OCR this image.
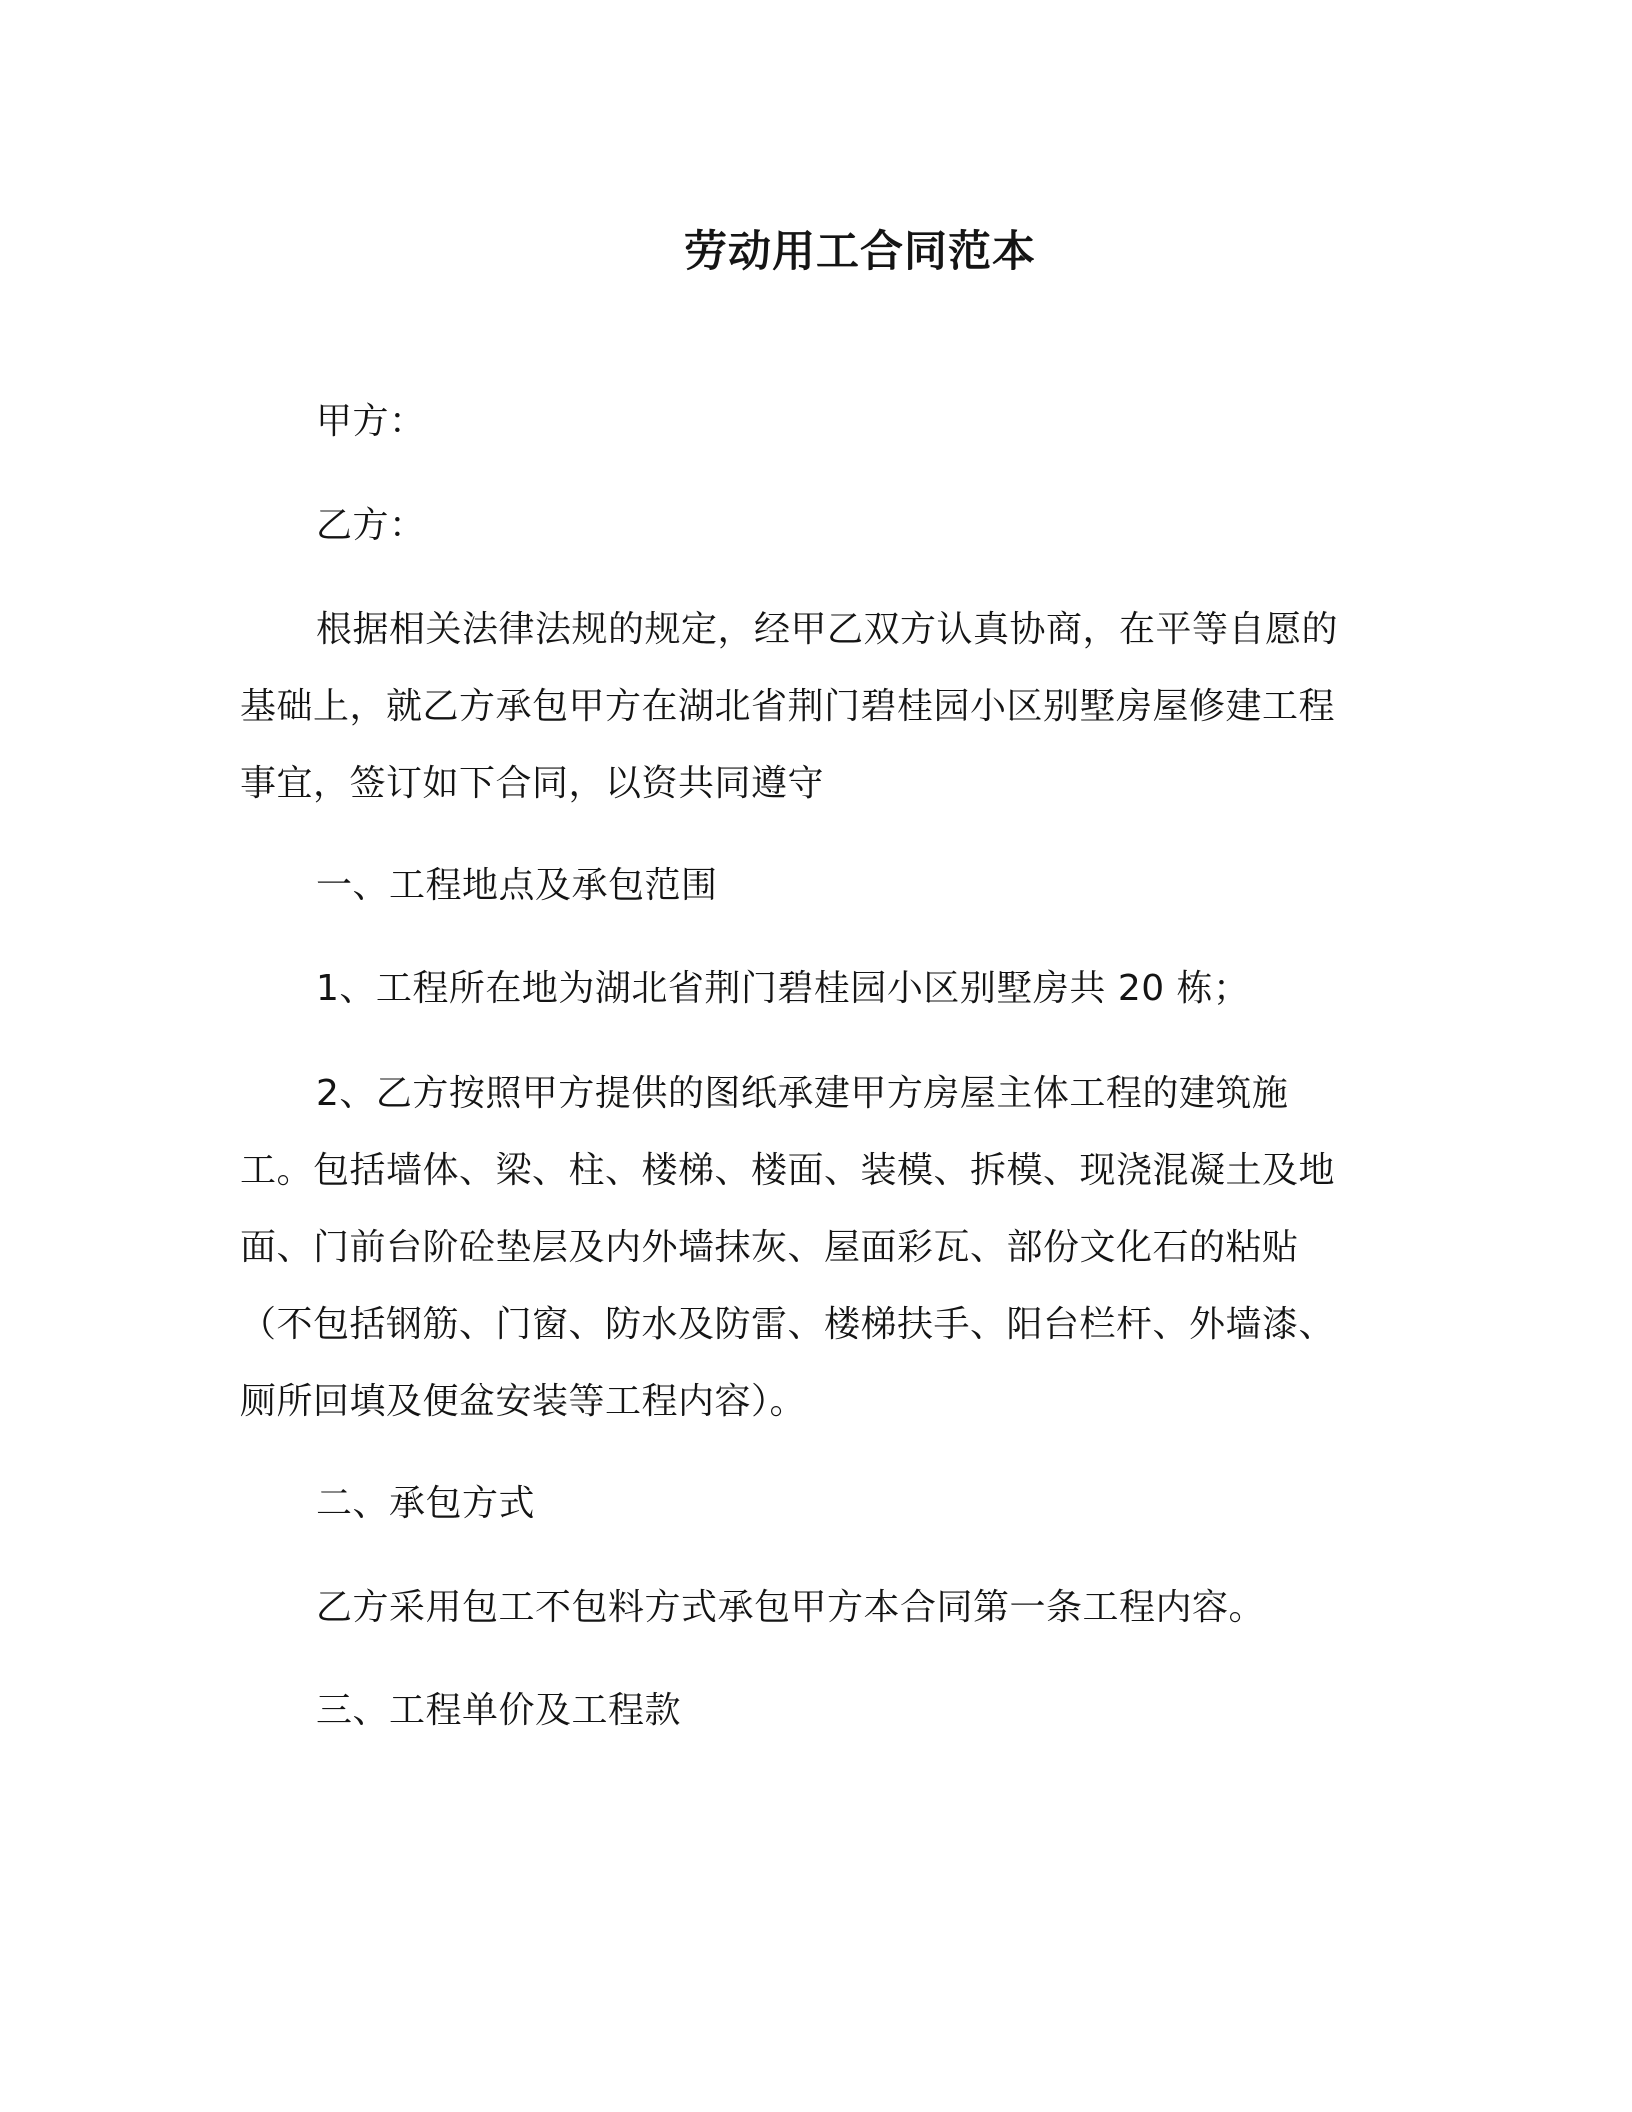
劳动用工合同范本
甲方：
乙方：
根据相关法律法规的规定，经甲乙双方认真协商，在平等自愿的基础上，就乙方承包甲方在湖北省荆门碧桂园小区别墅房屋修建工程事宜，签订如下合同，以资共同遵守
一、工程地点及承包范围
1、工程所在地为湖北省荆门碧桂园小区别墅房共 20 栋；
2、乙方按照甲方提供的图纸承建甲方房屋主体工程的建筑施工。包括墙体、梁、柱、楼梯、楼面、装模、拆模、现浇混凝土及地面、门前台阶砼垫层及内外墙抹灰、屋面彩瓦、部份文化石的粘贴（不包括钢筋、门窗、防水及防雷、楼梯扶手、阳台栏杆、外墙漆、厕所回填及便盆安装等工程内容）。
二、承包方式
乙方采用包工不包料方式承包甲方本合同第一条工程内容。
三、工程单价及工程款
